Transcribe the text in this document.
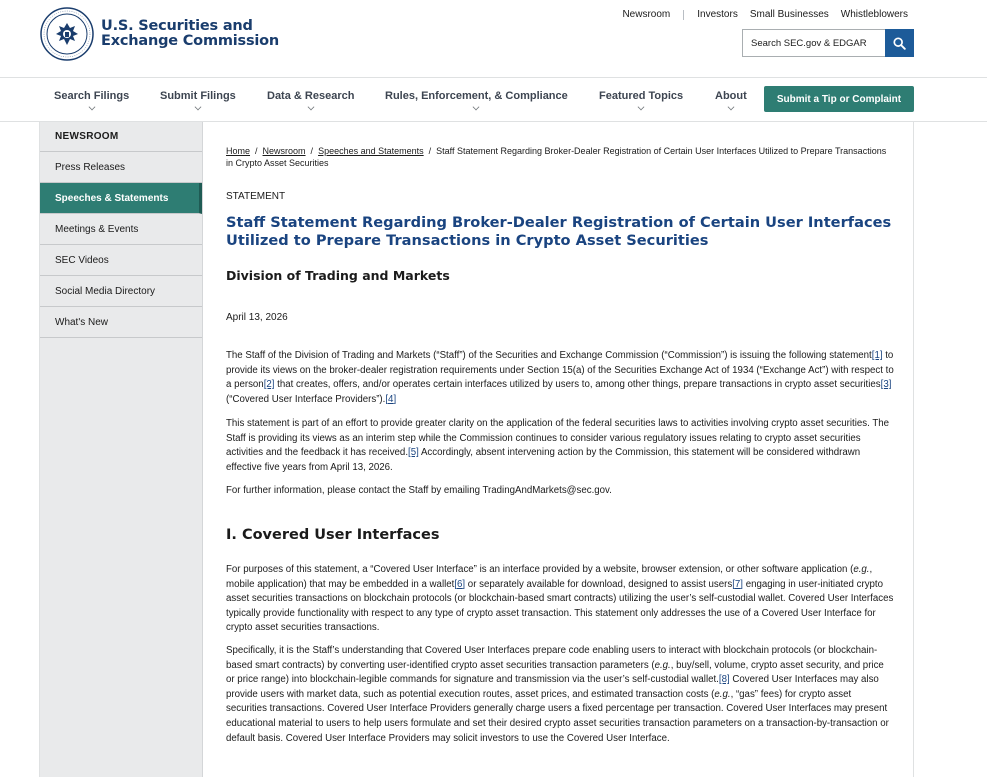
U.S. Securities and
Exchange Commission
Newsroom	Investors Small Businesses Whistleblowers
Search SEC.gov & EDGAR
Search Filings	Submit Filings	Data & Research	Rules, Enforcement, & Compliance	Featured Topics	About	Submit a Tip or Complaint
NEWSROOM
Press Releases
Speeches & Statements
Meetings & Events
SEC Videos
Social Media Directory
What's New
Home / Newsroom / Speeches and Statements / Staff Statement Regarding Broker-Dealer Registration of Certain User Interfaces Utilized to Prepare Transactions in Crypto Asset Securities
STATEMENT
Staff Statement Regarding Broker-Dealer Registration of Certain User Interfaces Utilized to Prepare Transactions in Crypto Asset Securities
Division of Trading and Markets
April 13, 2026
The Staff of the Division of Trading and Markets (“Staff”) of the Securities and Exchange Commission (“Commission”) is issuing the following statement[1] to provide its views on the broker-dealer registration requirements under Section 15(a) of the Securities Exchange Act of 1934 (“Exchange Act”) with respect to a person[2] that creates, offers, and/or operates certain interfaces utilized by users to, among other things, prepare transactions in crypto asset securities[3] (“Covered User Interface Providers”).[4]
This statement is part of an effort to provide greater clarity on the application of the federal securities laws to activities involving crypto asset securities. The Staff is providing its views as an interim step while the Commission continues to consider various regulatory issues relating to crypto asset securities activities and the feedback it has received.[5] Accordingly, absent intervening action by the Commission, this statement will be considered withdrawn effective five years from April 13, 2026.
For further information, please contact the Staff by emailing TradingAndMarkets@sec.gov.
I. Covered User Interfaces
For purposes of this statement, a “Covered User Interface” is an interface provided by a website, browser extension, or other software application (e.g., mobile application) that may be embedded in a wallet[6] or separately available for download, designed to assist users[7] engaging in user-initiated crypto asset securities transactions on blockchain protocols (or blockchain-based smart contracts) utilizing the user’s self-custodial wallet. Covered User Interfaces typically provide functionality with respect to any type of crypto asset transaction. This statement only addresses the use of a Covered User Interface for crypto asset securities transactions.
Specifically, it is the Staff’s understanding that Covered User Interfaces prepare code enabling users to interact with blockchain protocols (or blockchain-based smart contracts) by converting user-identified crypto asset securities transaction parameters (e.g., buy/sell, volume, crypto asset security, and price or price range) into blockchain-legible commands for signature and transmission via the user’s self-custodial wallet.[8] Covered User Interfaces may also provide users with market data, such as potential execution routes, asset prices, and estimated transaction costs (e.g., “gas” fees) for crypto asset securities transactions. Covered User Interface Providers generally charge users a fixed percentage per transaction. Covered User Interfaces may present educational material to users to help users formulate and set their desired crypto asset securities transaction parameters on a transaction-by-transaction or default basis. Covered User Interface Providers may solicit investors to use the Covered User Interface.
